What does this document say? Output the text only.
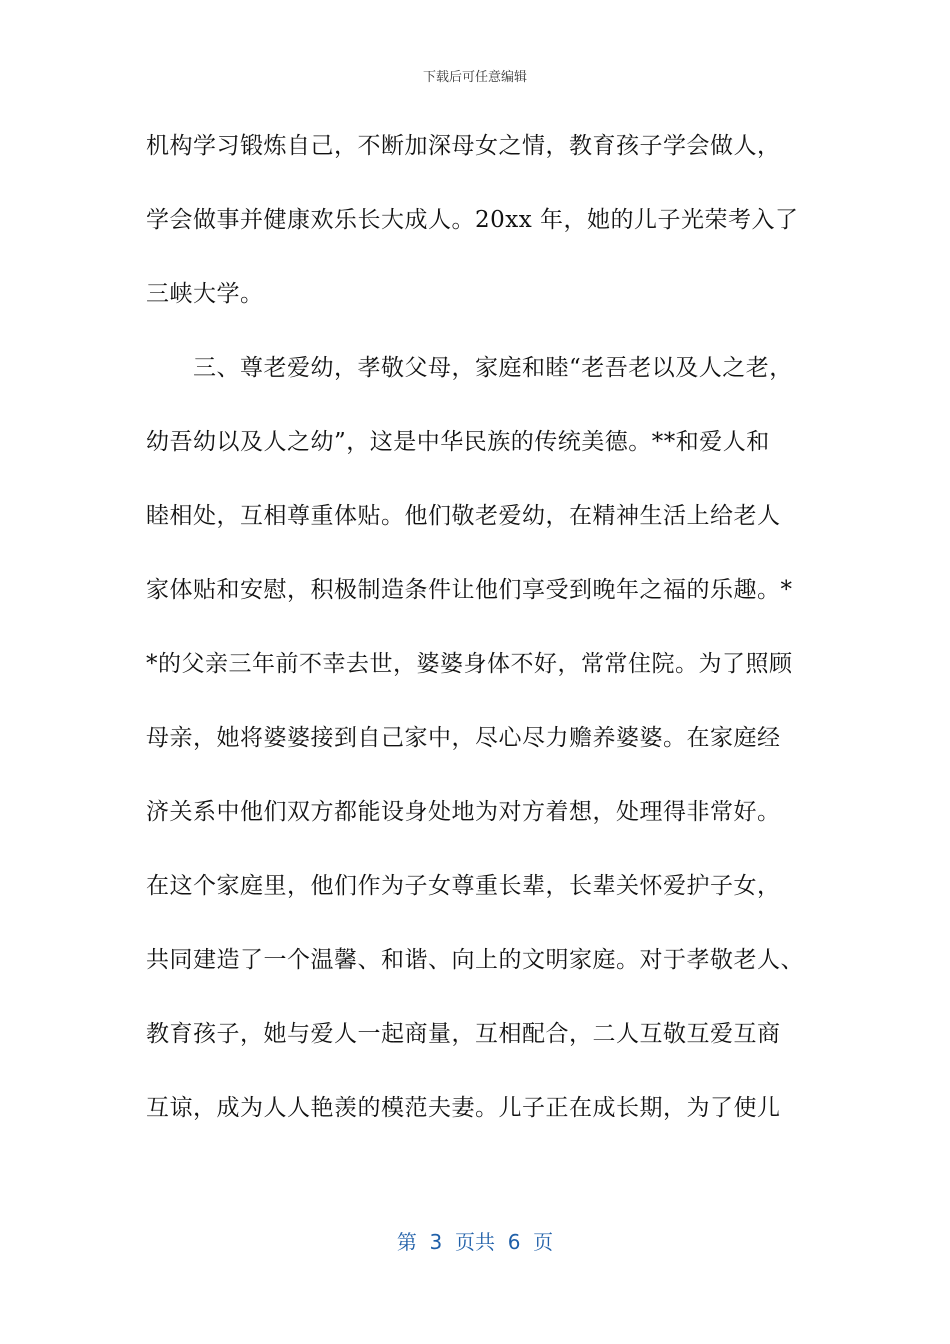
下载后可任意编辑
机构学习锻炼自己，不断加深母女之情，教育孩子学会做人，
学会做事并健康欢乐长大成人。20xx 年，她的儿子光荣考入了
三峡大学。
　　三、尊老爱幼，孝敬父母，家庭和睦“老吾老以及人之老，
幼吾幼以及人之幼”，这是中华民族的传统美德。**和爱人和
睦相处，互相尊重体贴。他们敬老爱幼，在精神生活上给老人
家体贴和安慰，积极制造条件让他们享受到晚年之福的乐趣。*
*的父亲三年前不幸去世，婆婆身体不好，常常住院。为了照顾
母亲，她将婆婆接到自己家中，尽心尽力赡养婆婆。在家庭经
济关系中他们双方都能设身处地为对方着想，处理得非常好。
在这个家庭里，他们作为子女尊重长辈，长辈关怀爱护子女，
共同建造了一个温馨、和谐、向上的文明家庭。对于孝敬老人、
教育孩子，她与爱人一起商量，互相配合，二人互敬互爱互商
互谅，成为人人艳羡的模范夫妻。儿子正在成长期，为了使儿
第  3  页共  6  页
